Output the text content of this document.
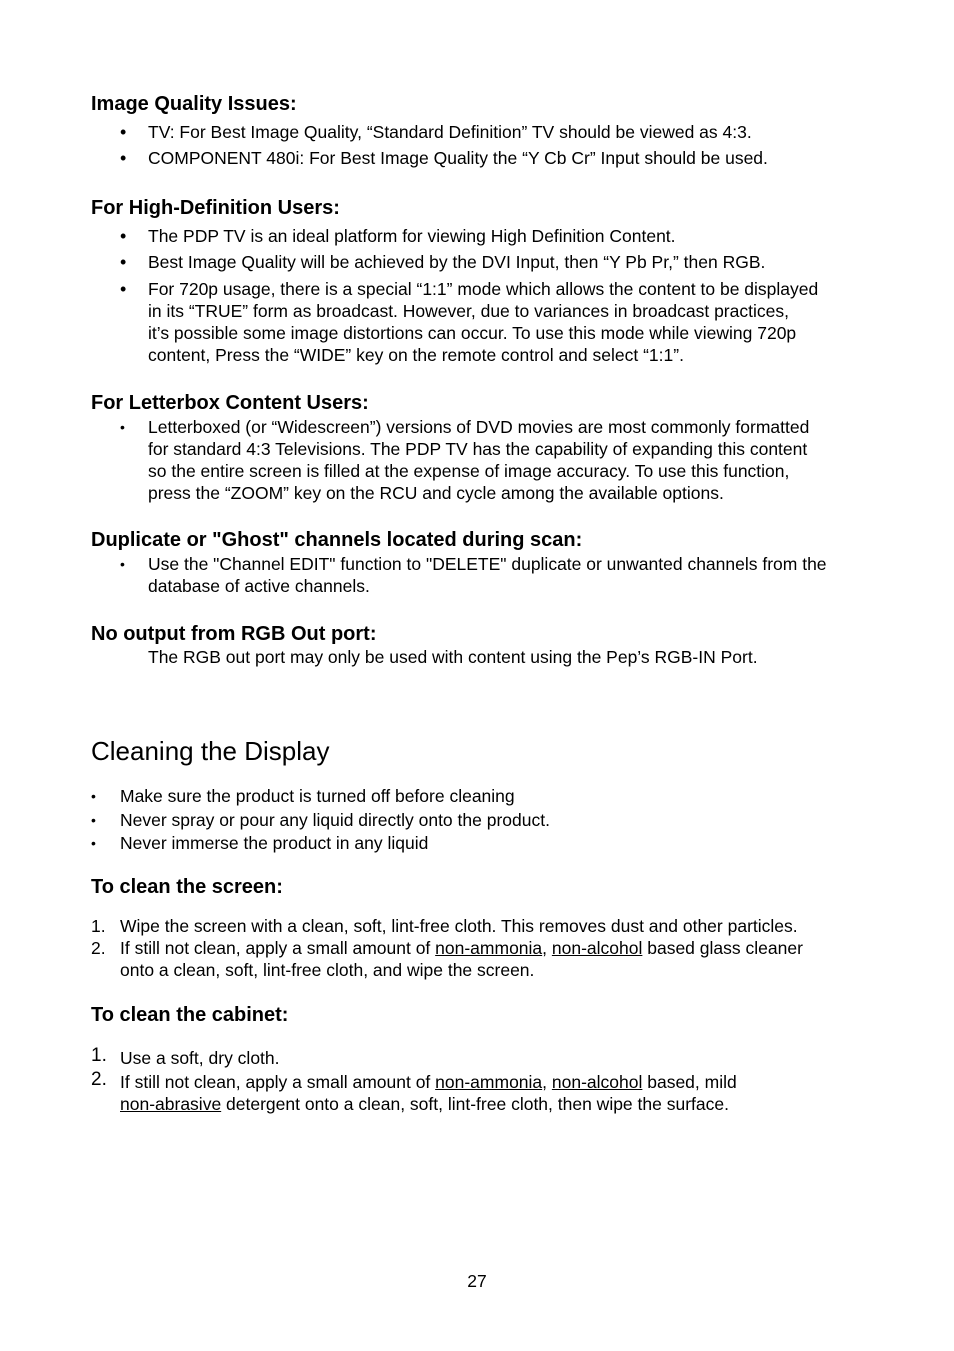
Image Quality Issues:
• TV: For Best Image Quality, “Standard Definition” TV should be viewed as 4:3.
• COMPONENT 480i: For Best Image Quality the “Y Cb Cr” Input should be used.
For High-Definition Users:
• The PDP TV is an ideal platform for viewing High Definition Content.
• Best Image Quality will be achieved by the DVI Input, then “Y Pb Pr,” then RGB.
• For 720p usage, there is a special “1:1” mode which allows the content to be displayed
in its “TRUE” form as broadcast. However, due to variances in broadcast practices,
it’s possible some image distortions can occur. To use this mode while viewing 720p
content, Press the “WIDE” key on the remote control and select “1:1”.
For Letterbox Content Users:
• Letterboxed (or “Widescreen”) versions of DVD movies are most commonly formatted
for standard 4:3 Televisions. The PDP TV has the capability of expanding this content
so the entire screen is filled at the expense of image accuracy. To use this function,
press the “ZOOM” key on the RCU and cycle among the available options.
Duplicate or "Ghost" channels located during scan:
• Use the "Channel EDIT" function to "DELETE" duplicate or unwanted channels from the
database of active channels.
No output from RGB Out port:
The RGB out port may only be used with content using the Pep’s RGB-IN Port.
Cleaning the Display
• Make sure the product is turned off before cleaning
• Never spray or pour any liquid directly onto the product.
• Never immerse the product in any liquid
To clean the screen:
1. Wipe the screen with a clean, soft, lint-free cloth. This removes dust and other particles.
2. If still not clean, apply a small amount of non-ammonia, non-alcohol based glass cleaner
onto a clean, soft, lint-free cloth, and wipe the screen.
To clean the cabinet:
1. Use a soft, dry cloth.
2. If still not clean, apply a small amount of non-ammonia, non-alcohol based, mild
non-abrasive detergent onto a clean, soft, lint-free cloth, then wipe the surface.
27
